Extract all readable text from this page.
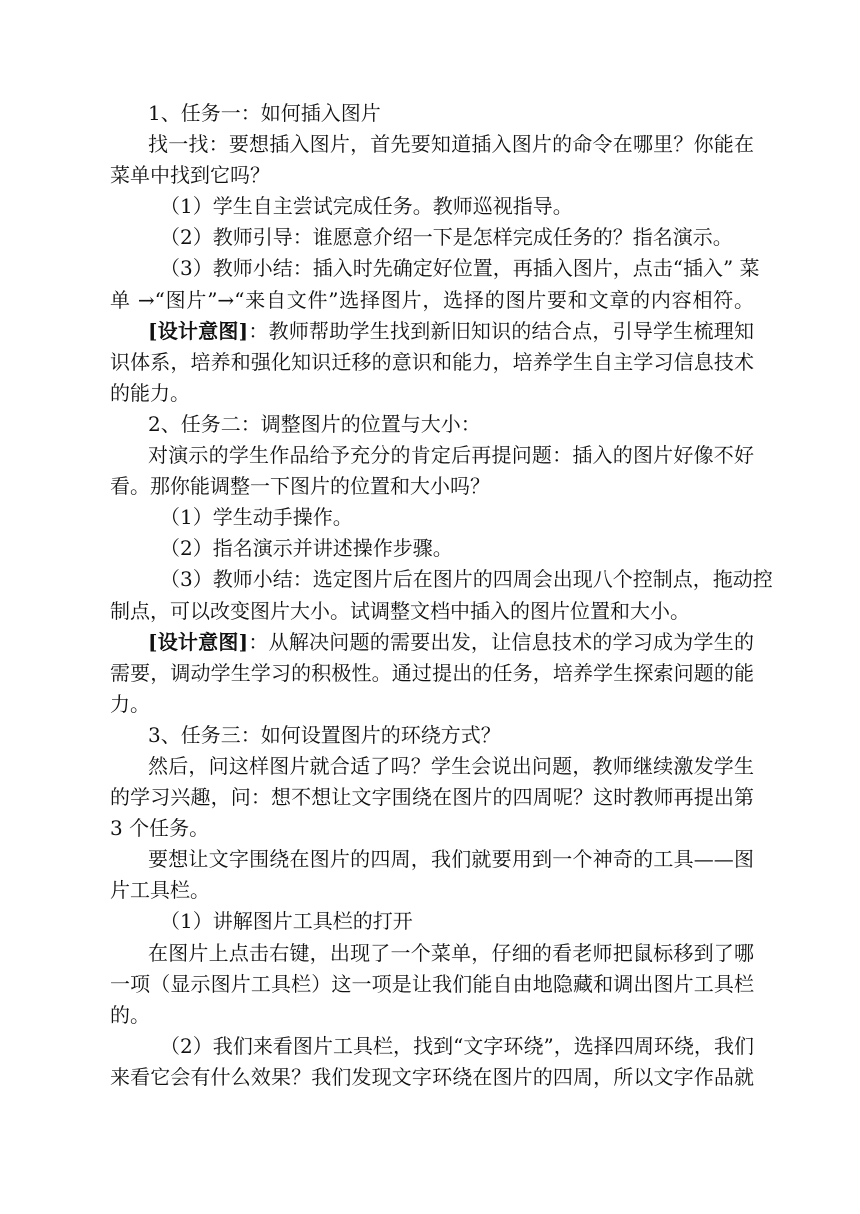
1、任务一：如何插入图片
找一找：要想插入图片，首先要知道插入图片的命令在哪里？你能在
菜单中找到它吗？
（1）学生自主尝试完成任务。教师巡视指导。
（2）教师引导：谁愿意介绍一下是怎样完成任务的？指名演示。
（3）教师小结：插入时先确定好位置，再插入图片，点击“插入” 菜
单 →“图片”→“来自文件”选择图片，选择的图片要和文章的内容相符。
[设计意图]：教师帮助学生找到新旧知识的结合点，引导学生梳理知
识体系，培养和强化知识迁移的意识和能力，培养学生自主学习信息技术
的能力。
2、任务二：调整图片的位置与大小：
对演示的学生作品给予充分的肯定后再提问题：插入的图片好像不好
看。那你能调整一下图片的位置和大小吗？
（1）学生动手操作。
（2）指名演示并讲述操作步骤。
（3）教师小结：选定图片后在图片的四周会出现八个控制点，拖动控
制点，可以改变图片大小。试调整文档中插入的图片位置和大小。
[设计意图]：从解决问题的需要出发，让信息技术的学习成为学生的
需要，调动学生学习的积极性。通过提出的任务，培养学生探索问题的能
力。
3、任务三：如何设置图片的环绕方式？
然后，问这样图片就合适了吗？学生会说出问题，教师继续激发学生
的学习兴趣，问：想不想让文字围绕在图片的四周呢？这时教师再提出第
3 个任务。
要想让文字围绕在图片的四周，我们就要用到一个神奇的工具——图
片工具栏。
（1）讲解图片工具栏的打开
在图片上点击右键，出现了一个菜单，仔细的看老师把鼠标移到了哪
一项（显示图片工具栏）这一项是让我们能自由地隐藏和调出图片工具栏
的。
（2）我们来看图片工具栏，找到“文字环绕”，选择四周环绕，我们
来看它会有什么效果？我们发现文字环绕在图片的四周，所以文字作品就
